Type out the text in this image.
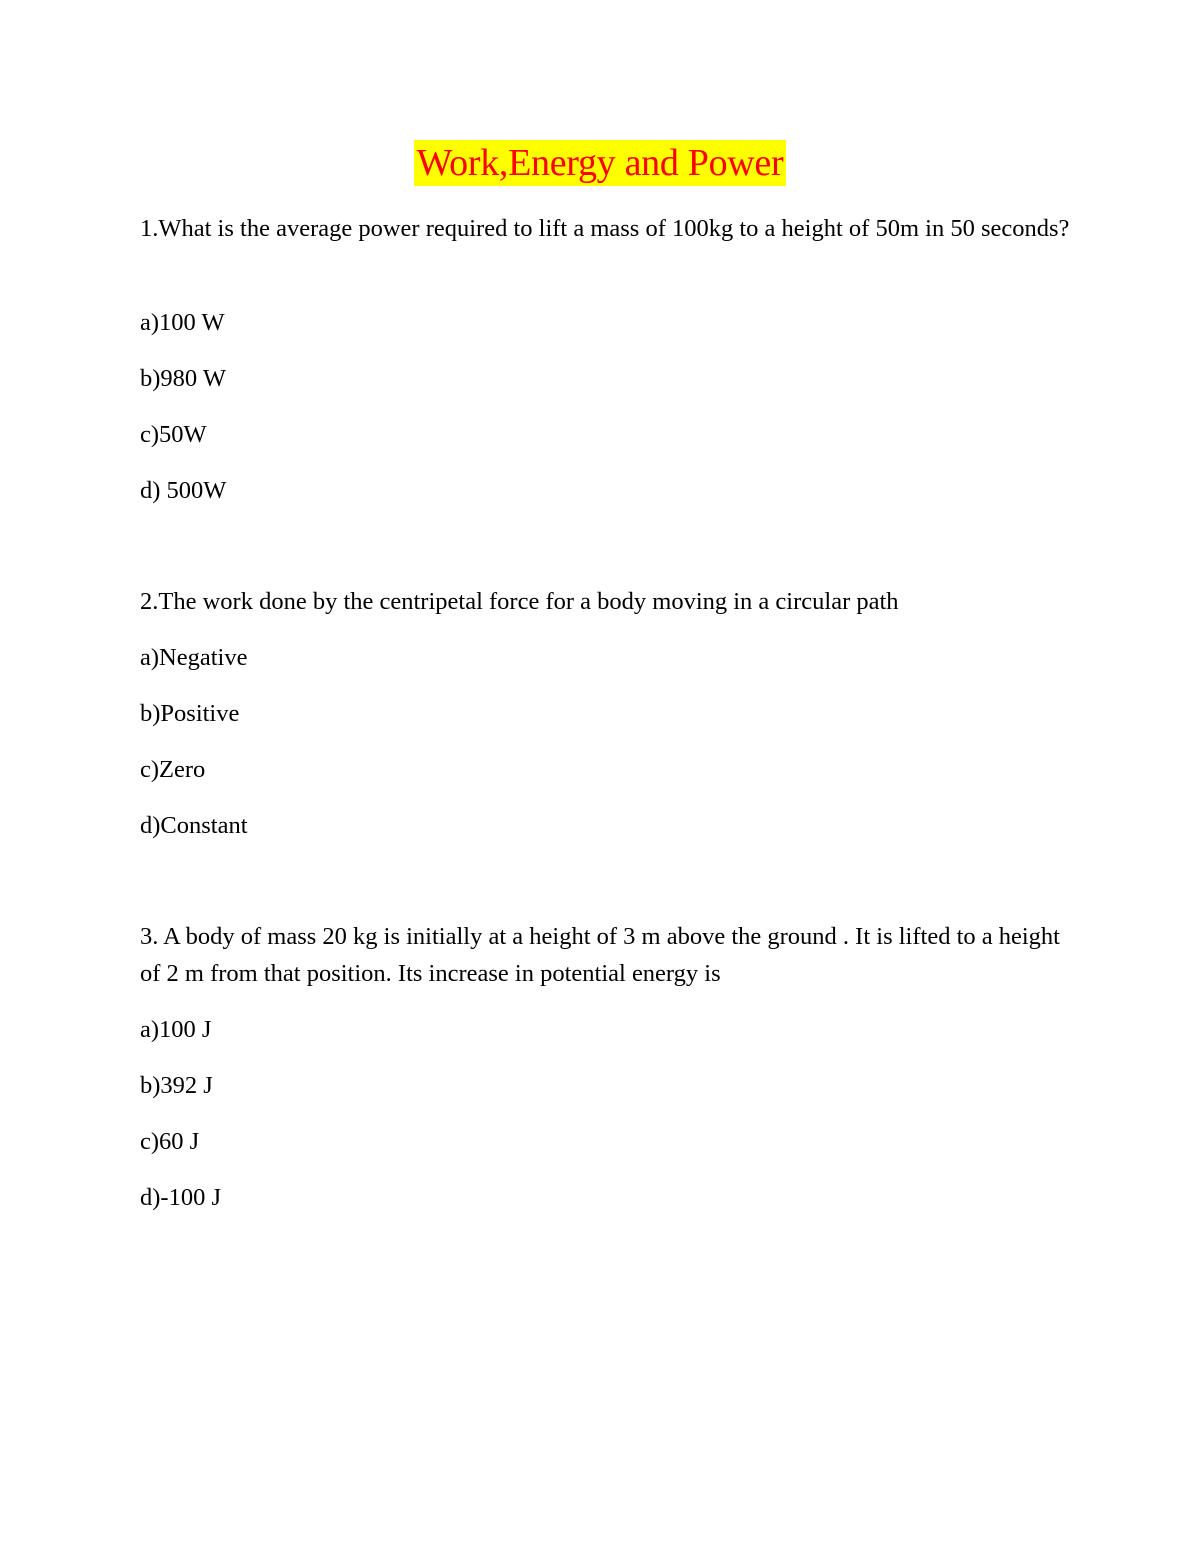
Work,Energy and Power

1.What is the average power required to lift a mass of 100kg to a height of 50m in 50 seconds?

a)100 W

b)980 W

c)50W

d) 500W

2.The work done by the centripetal force for a body moving in a circular path

a)Negative

b)Positive

c)Zero

d)Constant

3. A body of mass 20 kg is initially at a height of 3 m above the ground . It is lifted to a height of 2 m from that position. Its increase in potential energy is

a)100 J

b)392 J

c)60 J

d)-100 J
